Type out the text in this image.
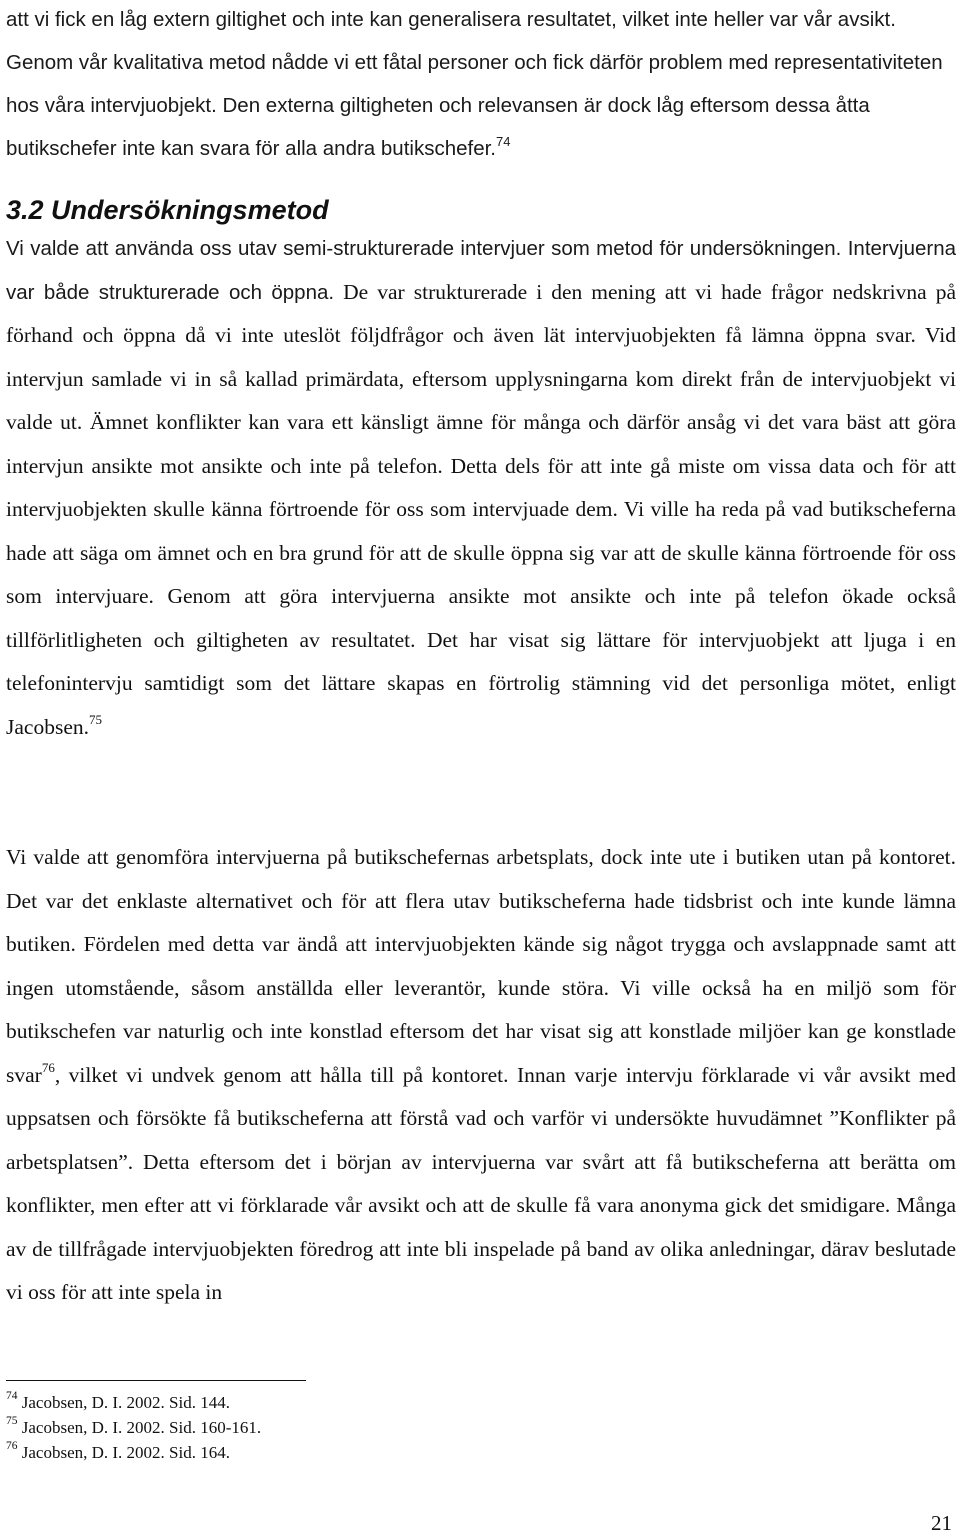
att vi fick en låg extern giltighet och inte kan generalisera resultatet, vilket inte heller var vår avsikt. Genom vår kvalitativa metod nådde vi ett fåtal personer och fick därför problem med representativiteten hos våra intervjuobjekt. Den externa giltigheten och relevansen är dock låg eftersom dessa åtta butikschefer inte kan svara för alla andra butikschefer.$^{74}$

3.2 Undersökningsmetod

Vi valde att använda oss utav semi-strukturerade intervjuer som metod för undersökningen. Intervjuerna var både strukturerade och öppna. De var strukturerade i den mening att vi hade frågor nedskrivna på förhand och öppna då vi inte uteslöt följdfrågor och även lät intervjuobjekten få lämna öppna svar. Vid intervjun samlade vi in så kallad primärdata, eftersom upplysningarna kom direkt från de intervjuobjekt vi valde ut. Ämnet konflikter kan vara ett känsligt ämne för många och därför ansåg vi det vara bäst att göra intervjun ansikte mot ansikte och inte på telefon. Detta dels för att inte gå miste om vissa data och för att intervjuobjekten skulle känna förtroende för oss som intervjuade dem. Vi ville ha reda på vad butikscheferna hade att säga om ämnet och en bra grund för att de skulle öppna sig var att de skulle känna förtroende för oss som intervjuare. Genom att göra intervjuerna ansikte mot ansikte och inte på telefon ökade också tillförlitligheten och giltigheten av resultatet. Det har visat sig lättare för intervjuobjekt att ljuga i en telefonintervju samtidigt som det lättare skapas en förtrolig stämning vid det personliga mötet, enligt Jacobsen.$^{75}$

Vi valde att genomföra intervjuerna på butikschefernas arbetsplats, dock inte ute i butiken utan på kontoret. Det var det enklaste alternativet och för att flera utav butikscheferna hade tidsbrist och inte kunde lämna butiken. Fördelen med detta var ändå att intervjuobjekten kände sig något trygga och avslappnade samt att ingen utomstående, såsom anställda eller leverantör, kunde störa. Vi ville också ha en miljö som för butikschefen var naturlig och inte konstlad eftersom det har visat sig att konstlade miljöer kan ge konstlade svar$^{76}$, vilket vi undvek genom att hålla till på kontoret. Innan varje intervju förklarade vi vår avsikt med uppsatsen och försökte få butikscheferna att förstå vad och varför vi undersökte huvudämnet ”Konflikter på arbetsplatsen”. Detta eftersom det i början av intervjuerna var svårt att få butikscheferna att berätta om konflikter, men efter att vi förklarade vår avsikt och att de skulle få vara anonyma gick det smidigare. Många av de tillfrågade intervjuobjekten föredrog att inte bli inspelade på band av olika anledningar, därav beslutade vi oss för att inte spela in

$^{74}$ Jacobsen, D. I. 2002. Sid. 144.
$^{75}$ Jacobsen, D. I. 2002. Sid. 160-161.
$^{76}$ Jacobsen, D. I. 2002. Sid. 164.
21
